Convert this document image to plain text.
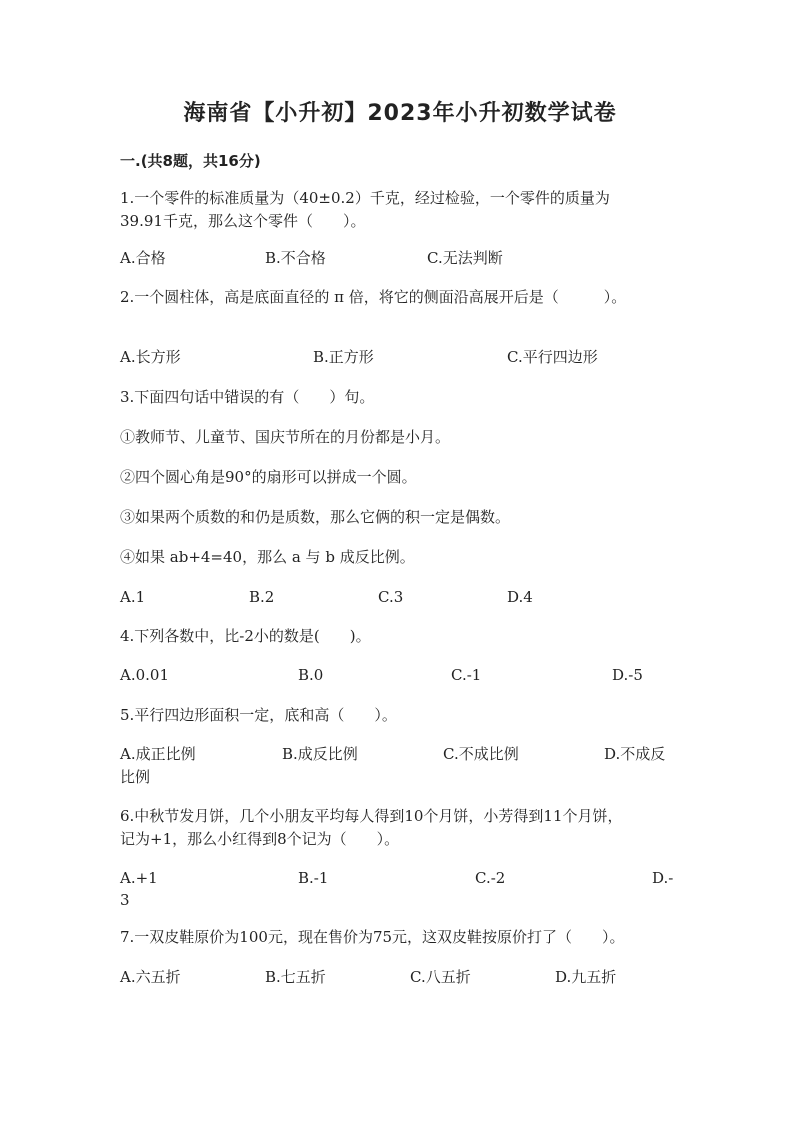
海南省【小升初】2023年小升初数学试卷
一.(共8题，共16分)
1.一个零件的标准质量为（40±0.2）千克，经过检验，一个零件的质量为
39.91千克，那么这个零件（　　）。
A.合格	B.不合格	C.无法判断
2.一个圆柱体，高是底面直径的 π 倍，将它的侧面沿高展开后是（　　　）。
A.长方形	B.正方形	C.平行四边形
3.下面四句话中错误的有（　　）句。
①教师节、儿童节、国庆节所在的月份都是小月。
②四个圆心角是90°的扇形可以拼成一个圆。
③如果两个质数的和仍是质数，那么它俩的积一定是偶数。
④如果 ab+4=40，那么 a 与 b 成反比例。
A.1	B.2	C.3	D.4
4.下列各数中，比-2小的数是(　　)。
A.0.01	B.0	C.-1	D.-5
5.平行四边形面积一定，底和高（　　）。
A.成正比例	B.成反比例	C.不成比例	D.不成反
比例
6.中秋节发月饼，几个小朋友平均每人得到10个月饼，小芳得到11个月饼，
记为+1，那么小红得到8个记为（　　）。
A.+1	B.-1	C.-2	D.-
3
7.一双皮鞋原价为100元，现在售价为75元，这双皮鞋按原价打了（　　）。
A.六五折	B.七五折	C.八五折	D.九五折
